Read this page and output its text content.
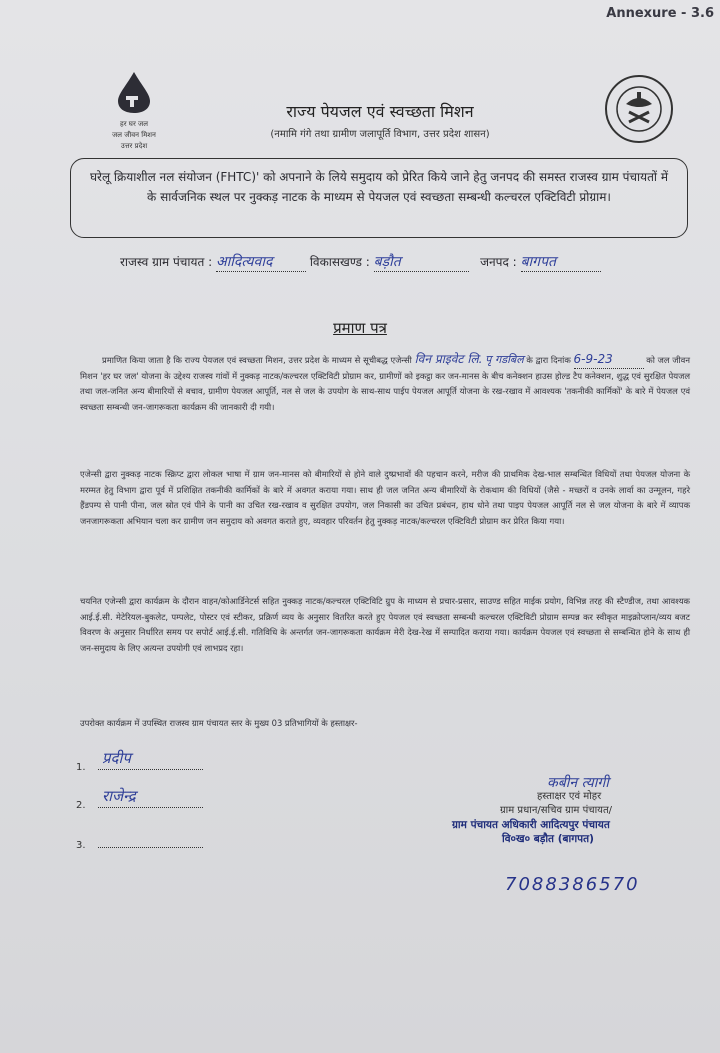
Annexure - 3.6
हर घर जल
जल जीवन मिशन
उत्तर प्रदेश
राज्य पेयजल एवं स्वच्छता मिशन
(नमामि गंगे तथा ग्रामीण जलापूर्ति विभाग, उत्तर प्रदेश शासन)
घरेलू क्रियाशील नल संयोजन (FHTC)' को अपनाने के लिये समुदाय को प्रेरित किये जाने हेतु जनपद की समस्त राजस्व ग्राम पंचायतों में के सार्वजनिक स्थल पर नुक्कड़ नाटक के माध्यम से पेयजल एवं स्वच्छता सम्बन्धी कल्चरल एक्टिविटी प्रोग्राम।
राजस्व ग्राम पंचायत : आदित्यवाद	विकासखण्ड : बड़ौत	जनपद : बागपत
प्रमाण पत्र
प्रमाणित किया जाता है कि राज्य पेयजल एवं स्वच्छता मिशन, उत्तर प्रदेश के माध्यम से सूचीबद्ध एजेन्सी विन प्राइवेट लि. पृ गडबिल के द्वारा दिनांक 6-9-23	को जल जीवन मिशन 'हर घर जल' योजना के उद्देश्य राजस्व गांवों में नुक्कड़ नाटक/कल्चरल एक्टिविटी प्रोग्राम कर, ग्रामीणों को इकट्ठा कर जन-मानस के बीच कनेक्शन हाउस होल्ड टैप कनेक्शन, शुद्ध एवं सुरक्षित पेयजल तथा जल-जनित अन्य बीमारियों से बचाव, ग्रामीण पेयजल आपूर्ति, नल से जल के उपयोग के साथ-साथ पाईप पेयजल आपूर्ति योजना के रख-रखाव में आवश्यक 'तकनीकी कार्मिकों' के बारे में पेयजल एवं स्वच्छता सम्बन्धी जन-जागरूकता कार्यक्रम की जानकारी दी गयी।
एजेन्सी द्वारा नुक्कड़ नाटक स्क्रिप्ट द्वारा लोकल भाषा में ग्राम जन-मानस को बीमारियों से होने वाले दुष्प्रभावों की पहचान करने, मरीज की प्राथमिक देख-भाल सम्बन्धित विधियों तथा पेयजल योजना के मरम्मत हेतु विभाग द्वारा पूर्व में प्रशिक्षित तकनीकी कार्मिकों के बारे में अवगत कराया गया। साथ ही जल जनित अन्य बीमारियों के रोकथाम की विधियों (जैसे - मच्छरों व उनके लार्वा का उन्मूलन, गहरे हैंडपम्प से पानी पीना, जल स्रोत एवं पीने के पानी का उचित रख-रखाव व सुरक्षित उपयोग, जल निकासी का उचित प्रबंधन, हाथ धोने तथा पाइप पेयजल आपूर्ति नल से जल योजना के बारे में व्यापक जनजागरूकता अभियान चला कर ग्रामीण जन समुदाय को अवगत कराते हुए, व्यवहार परिवर्तन हेतु नुक्कड़ नाटक/कल्चरल एक्टिविटी प्रोग्राम कर प्रेरित किया गया।
चयनित एजेन्सी द्वारा कार्यक्रम के दौरान वाहन/कोआर्डिनेटर्स सहित नुक्कड़ नाटक/कल्चरल एक्टिविटि ग्रुप के माध्यम से प्रचार-प्रसार, साउण्ड सहित माईक प्रयोग, विभिन्न तरह की स्टैण्डीज, तथा आवश्यक आई.ई.सी. मेटेरियल-बुकलेट, पम्पलेट, पोस्टर एवं स्टीकर, प्रक्रिर्ण व्यय के अनुसार वितरित करते हुए पेयजल एवं स्वच्छता सम्बन्धी कल्चरल एक्टिविटी प्रोग्राम सम्पन्न कर स्वीकृत माइक्रोप्लान/व्यय बजट विवरण के अनुसार निर्धारित समय पर सपोर्ट आई.ई.सी. गतिविधि के अन्तर्गत जन-जागरूकता कार्यक्रम मेरी देख-रेख में सम्पादित कराया गया। कार्यक्रम पेयजल एवं स्वच्छता से सम्बन्धित होने के साथ ही जन-समुदाय के लिए अत्यन्त उपयोगी एवं लाभप्रद रहा।
उपरोक्त कार्यक्रम में उपस्थित राजस्व ग्राम पंचायत स्तर के मुख्य 03 प्रतिभागियों के हस्ताक्षर-
1.
प्रदीप
2.
राजेन्द्र
3.
कबीन त्यागी
हस्ताक्षर एवं मोहर
ग्राम प्रधान/सचिव ग्राम पंचायत/
ग्राम पंचायत अधिकारी आदित्यपुर पंचायत
वि०ख० बड़ौत (बागपत)
7088386570
